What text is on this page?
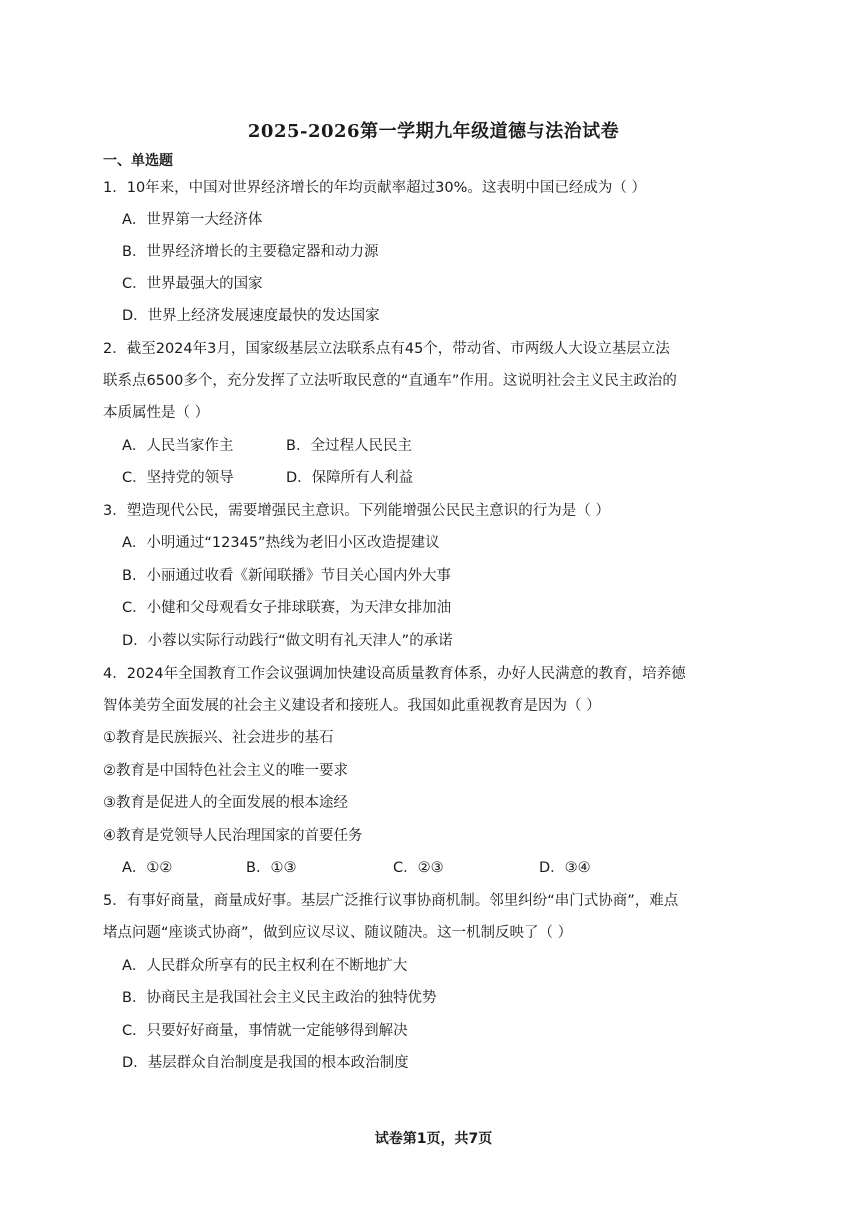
2025-2026第一学期九年级道德与法治试卷
一、单选题
1．10年来，中国对世界经济增长的年均贡献率超过30%。这表明中国已经成为（ ）
A．世界第一大经济体
B．世界经济增长的主要稳定器和动力源
C．世界最强大的国家
D．世界上经济发展速度最快的发达国家
2．截至2024年3月，国家级基层立法联系点有45个，带动省、市两级人大设立基层立法
联系点6500多个，充分发挥了立法听取民意的“直通车”作用。这说明社会主义民主政治的
本质属性是（ ）
A．人民当家作主	B．全过程人民民主
C．坚持党的领导	D．保障所有人利益
3．塑造现代公民，需要增强民主意识。下列能增强公民民主意识的行为是（ ）
A．小明通过“12345”热线为老旧小区改造提建议
B．小丽通过收看《新闻联播》节目关心国内外大事
C．小健和父母观看女子排球联赛，为天津女排加油
D．小蓉以实际行动践行“做文明有礼天津人”的承诺
4．2024年全国教育工作会议强调加快建设高质量教育体系，办好人民满意的教育，培养德
智体美劳全面发展的社会主义建设者和接班人。我国如此重视教育是因为（ ）
①教育是民族振兴、社会进步的基石
②教育是中国特色社会主义的唯一要求
③教育是促进人的全面发展的根本途经
④教育是党领导人民治理国家的首要任务
A．①②	B．①③	C．②③	D．③④
5．有事好商量，商量成好事。基层广泛推行议事协商机制。邻里纠纷“串门式协商”，难点
堵点问题“座谈式协商”，做到应议尽议、随议随决。这一机制反映了（ ）
A．人民群众所享有的民主权利在不断地扩大
B．协商民主是我国社会主义民主政治的独特优势
C．只要好好商量，事情就一定能够得到解决
D．基层群众自治制度是我国的根本政治制度
试卷第1页，共7页
